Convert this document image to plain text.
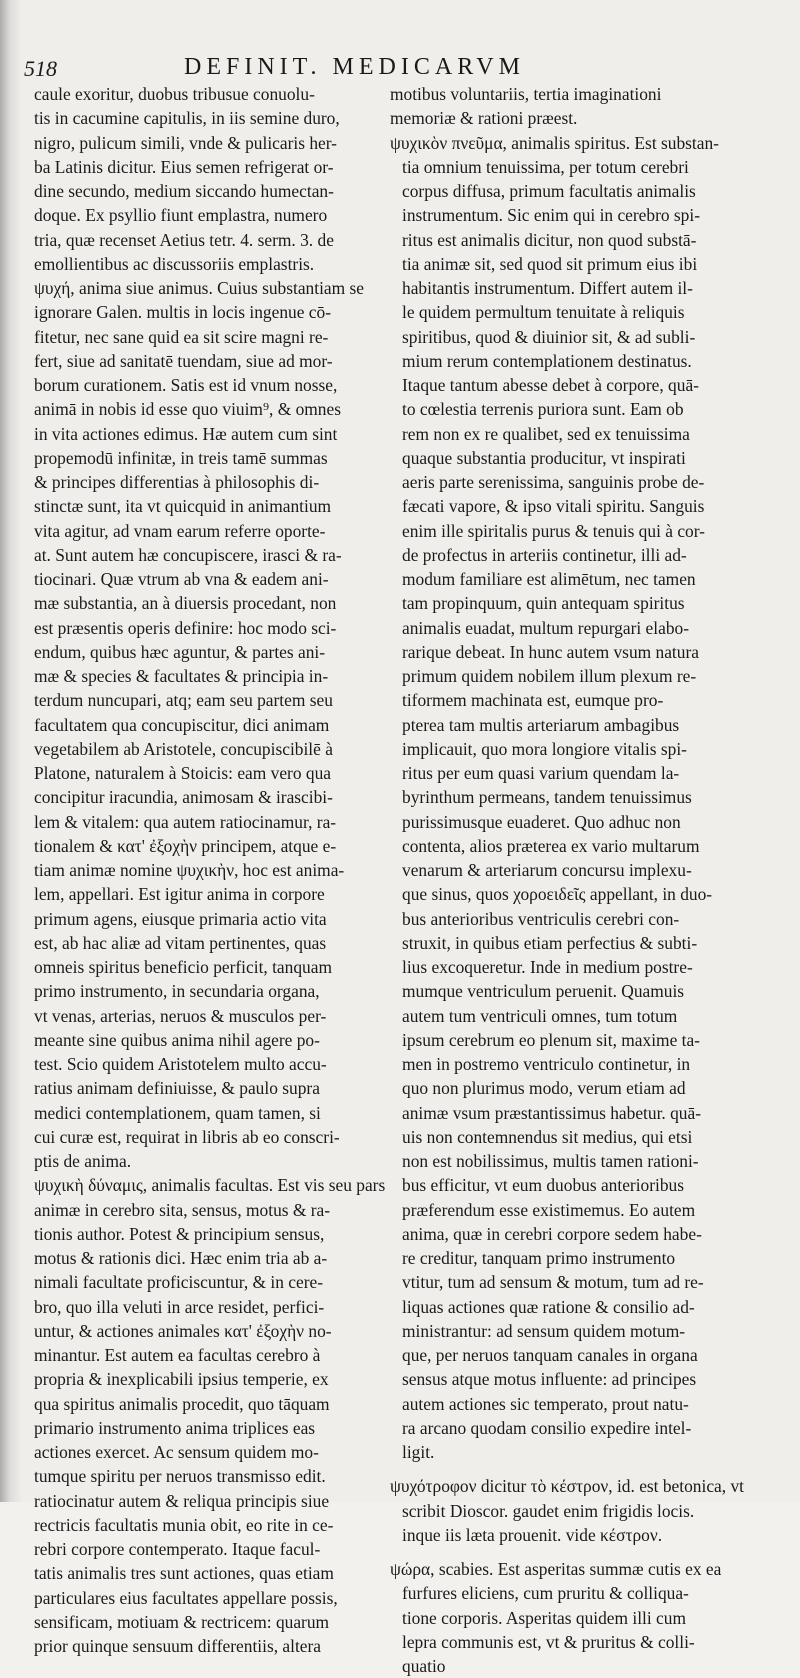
518	DEFINIT. MEDICARVM
caule exoritur, duobus tribusue conuolu-
tis in cacumine capitulis, in iis semine duro,
nigro, pulicum simili, vnde & pulicaris her-
ba Latinis dicitur. Eius semen refrigerat or-
dine secundo, medium siccando humectan-
doque. Ex psyllio fiunt emplastra, numero
tria, quæ recenset Aetius tetr. 4. serm. 3. de
emollientibus ac discussoriis emplastris.
ψυχή, anima siue animus. Cuius substantiam se
ignorare Galen. multis in locis ingenue cō-
fitetur, nec sane quid ea sit scire magni re-
fert, siue ad sanitatē tuendam, siue ad mor-
borum curationem. Satis est id vnum nosse,
animā in nobis id esse quo viuim⁹, & omnes
in vita actiones edimus. Hæ autem cum sint
propemodū infinitæ, in treis tamē summas
& principes differentias à philosophis di-
stinctæ sunt, ita vt quicquid in animantium
vita agitur, ad vnam earum referre oporte-
at. Sunt autem hæ concupiscere, irasci & ra-
tiocinari. Quæ vtrum ab vna & eadem ani-
mæ substantia, an à diuersis procedant, non
est præsentis operis definire: hoc modo sci-
endum, quibus hæc aguntur, & partes ani-
mæ & species & facultates & principia in-
terdum nuncupari, atq; eam seu partem seu
facultatem qua concupiscitur, dici animam
vegetabilem ab Aristotele, concupiscibilē à
Platone, naturalem à Stoicis: eam vero qua
concipitur iracundia, animosam & irascibi-
lem & vitalem: qua autem ratiocinamur, ra-
tionalem & κατ' ἐξοχὴν principem, atque e-
tiam animæ nomine ψυχικὴν, hoc est anima-
lem, appellari. Est igitur anima in corpore
primum agens, eiusque primaria actio vita
est, ab hac aliæ ad vitam pertinentes, quas
omneis spiritus beneficio perficit, tanquam
primo instrumento, in secundaria organa,
vt venas, arterias, neruos & musculos per-
meante sine quibus anima nihil agere po-
test. Scio quidem Aristotelem multo accu-
ratius animam definiuisse, & paulo supra
medici contemplationem, quam tamen, si
cui curæ est, requirat in libris ab eo conscri-
ptis de anima.
ψυχικὴ δύναμις, animalis facultas. Est vis seu pars
animæ in cerebro sita, sensus, motus & ra-
tionis author. Potest & principium sensus,
motus & rationis dici. Hæc enim tria ab a-
nimali facultate proficiscuntur, & in cere-
bro, quo illa veluti in arce residet, perfici-
untur, & actiones animales κατ' ἐξοχὴν no-
minantur. Est autem ea facultas cerebro à
propria & inexplicabili ipsius temperie, ex
qua spiritus animalis procedit, quo tāquam
primario instrumento anima triplices eas
actiones exercet. Ac sensum quidem mo-
tumque spiritu per neruos transmisso edit.
ratiocinatur autem & reliqua principis siue
rectricis facultatis munia obit, eo rite in ce-
rebri corpore contemperato. Itaque facul-
tatis animalis tres sunt actiones, quas etiam
particulares eius facultates appellare possis,
sensificam, motiuam & rectricem: quarum
prior quinque sensuum differentiis, altera
motibus voluntariis, tertia imaginationi
memoriæ & rationi præest.
ψυχικὸν πνεῦμα, animalis spiritus. Est substan-
tia omnium tenuissima, per totum cerebri
corpus diffusa, primum facultatis animalis
instrumentum. Sic enim qui in cerebro spi-
ritus est animalis dicitur, non quod substā-
tia animæ sit, sed quod sit primum eius ibi
habitantis instrumentum. Differt autem il-
le quidem permultum tenuitate à reliquis
spiritibus, quod & diuinior sit, & ad subli-
mium rerum contemplationem destinatus.
Itaque tantum abesse debet à corpore, quā-
to cœlestia terrenis puriora sunt. Eam ob
rem non ex re qualibet, sed ex tenuissima
quaque substantia producitur, vt inspirati
aeris parte serenissima, sanguinis probe de-
fæcati vapore, & ipso vitali spiritu. Sanguis
enim ille spiritalis purus & tenuis qui à cor-
de profectus in arteriis continetur, illi ad-
modum familiare est alimētum, nec tamen
tam propinquum, quin antequam spiritus
animalis euadat, multum repurgari elabo-
rarique debeat. In hunc autem vsum natura
primum quidem nobilem illum plexum re-
tiformem machinata est, eumque pro-
pterea tam multis arteriarum ambagibus
implicauit, quo mora longiore vitalis spi-
ritus per eum quasi varium quendam la-
byrinthum permeans, tandem tenuissimus
purissimusque euaderet. Quo adhuc non
contenta, alios præterea ex vario multarum
venarum & arteriarum concursu implexu-
que sinus, quos χοροειδεῖς appellant, in duo-
bus anterioribus ventriculis cerebri con-
struxit, in quibus etiam perfectius & subti-
lius excoqueretur. Inde in medium postre-
mumque ventriculum peruenit. Quamuis
autem tum ventriculi omnes, tum totum
ipsum cerebrum eo plenum sit, maxime ta-
men in postremo ventriculo continetur, in
quo non plurimus modo, verum etiam ad
animæ vsum præstantissimus habetur. quā-
uis non contemnendus sit medius, qui etsi
non est nobilissimus, multis tamen rationi-
bus efficitur, vt eum duobus anterioribus
præferendum esse existimemus. Eo autem
anima, quæ in cerebri corpore sedem habe-
re creditur, tanquam primo instrumento
vtitur, tum ad sensum & motum, tum ad re-
liquas actiones quæ ratione & consilio ad-
ministrantur: ad sensum quidem motum-
que, per neruos tanquam canales in organa
sensus atque motus influente: ad principes
autem actiones sic temperato, prout natu-
ra arcano quodam consilio expedire intel-
ligit.
ψυχότροφον dicitur τὸ κέστρον, id. est betonica, vt
scribit Dioscor. gaudet enim frigidis locis.
inque iis læta prouenit. vide κέστρον.
ψώρα, scabies. Est asperitas summæ cutis ex ea
furfures eliciens, cum pruritu & colliqua-
tione corporis. Asperitas quidem illi cum
lepra communis est, vt & pruritus & colli-
quatio
